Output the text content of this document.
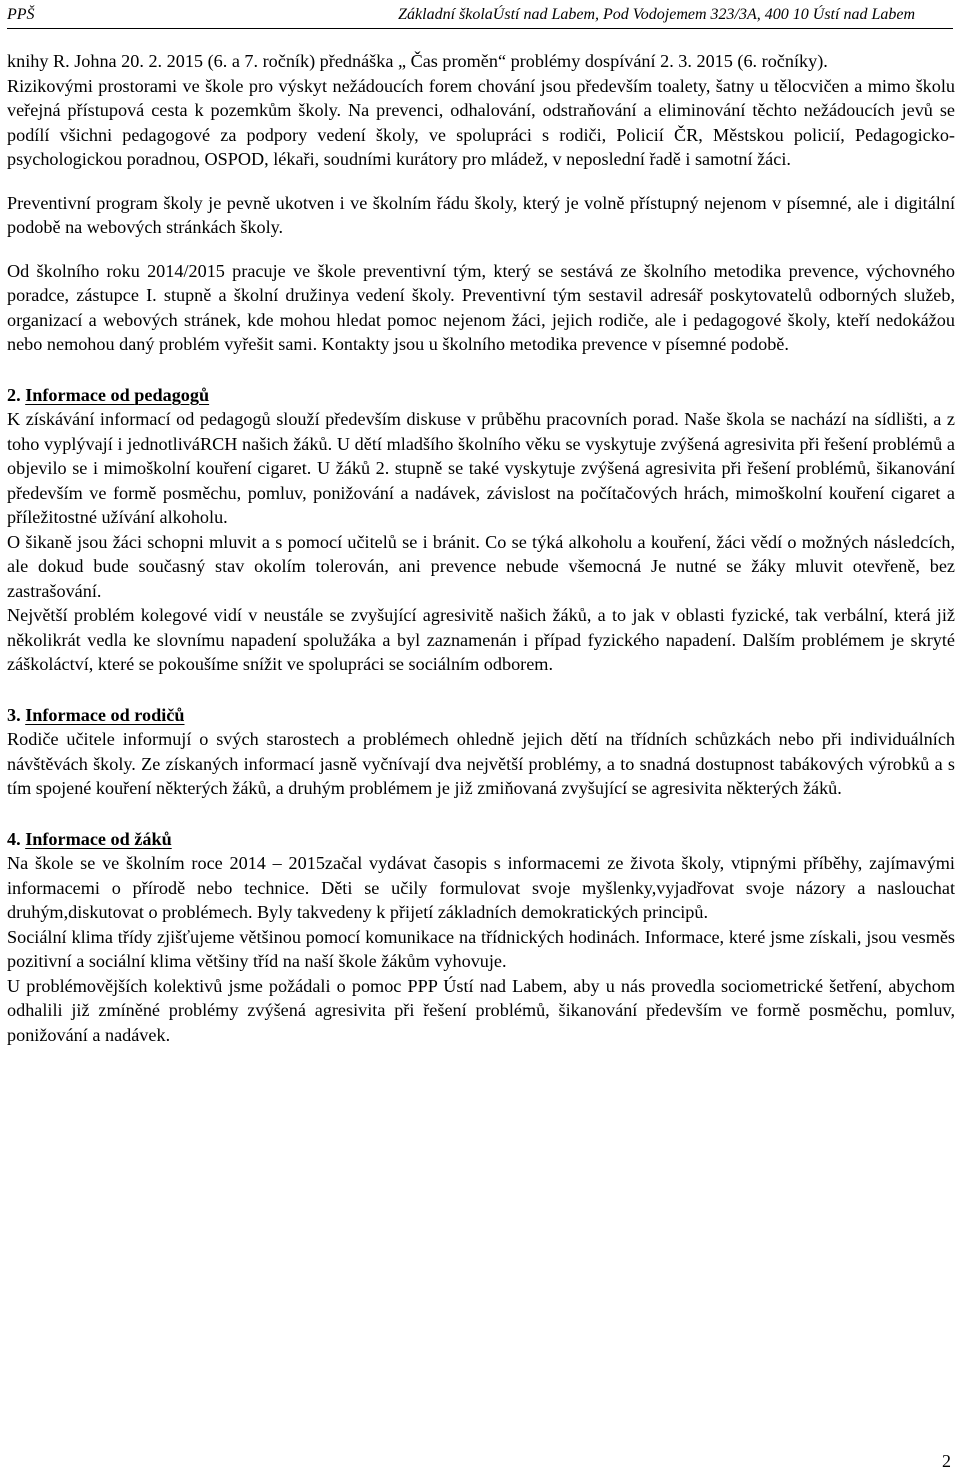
PPŠ	Základní školaÚstí nad Labem, Pod Vodojemem 323/3A, 400 10 Ústí nad Labem

knihy R. Johna 20. 2. 2015 (6. a 7. ročník) přednáška „ Čas proměn“ problémy dospívání 2. 3. 2015 (6. ročníky).

Rizikovými prostorami ve škole pro výskyt nežádoucích forem chování jsou především toalety, šatny u tělocvičen a mimo školu veřejná přístupová cesta k pozemkům školy. Na prevenci, odhalování, odstraňování a eliminování těchto nežádoucích jevů se podílí všichni pedagogové za podpory vedení školy, ve spolupráci s rodiči, Policií ČR, Městskou policií, Pedagogicko-psychologickou poradnou, OSPOD, lékaři, soudními kurátory pro mládež, v neposlední řadě i samotní žáci.

Preventivní program školy je pevně ukotven i ve školním řádu školy, který je volně přístupný nejenom v písemné, ale i digitální podobě na webových stránkách školy.

Od školního roku 2014/2015 pracuje ve škole preventivní tým, který se sestává ze školního metodika prevence, výchovného poradce, zástupce I. stupně a školní družinya vedení školy. Preventivní tým sestavil adresář poskytovatelů odborných služeb, organizací a webových stránek, kde mohou hledat pomoc nejenom žáci, jejich rodiče, ale i pedagogové školy, kteří nedokážou nebo nemohou daný problém vyřešit sami. Kontakty jsou u školního metodika prevence v písemné podobě.

2. Informace od pedagogů

K získávání informací od pedagogů slouží především diskuse v průběhu pracovních porad. Naše škola se nachází na sídlišti, a z toho vyplývají i jednotliváRCH našich žáků. U dětí mladšího školního věku se vyskytuje zvýšená agresivita při řešení problémů a objevilo se i mimoškolní kouření cigaret. U žáků 2. stupně se také vyskytuje zvýšená agresivita při řešení problémů, šikanování především ve formě posměchu, pomluv, ponižování a nadávek, závislost na počítačových hrách, mimoškolní kouření cigaret a příležitostné užívání alkoholu.

O šikaně jsou žáci schopni mluvit a s pomocí učitelů se i bránit. Co se týká alkoholu a kouření, žáci vědí o možných následcích, ale dokud bude současný stav okolím tolerován, ani prevence nebude všemocná Je nutné se žáky mluvit otevřeně, bez zastrašování.

Největší problém kolegové vidí v neustále se zvyšující agresivitě našich žáků, a to jak v oblasti fyzické, tak verbální, která již několikrát vedla ke slovnímu napadení spolužáka a byl zaznamenán i případ fyzického napadení. Dalším problémem je skryté záškoláctví, které se pokoušíme snížit ve spolupráci se sociálním odborem.

3. Informace od rodičů

Rodiče učitele informují o svých starostech a problémech ohledně jejich dětí na třídních schůzkách nebo při individuálních návštěvách školy. Ze získaných informací jasně vyčnívají dva největší problémy, a to snadná dostupnost tabákových výrobků a s tím spojené kouření některých žáků, a druhým problémem je již zmiňovaná zvyšující se agresivita některých žáků.

4. Informace od žáků

Na škole se ve školním roce 2014 – 2015začal vydávat časopis s informacemi ze života školy, vtipnými příběhy, zajímavými informacemi o přírodě nebo technice. Děti se učily formulovat svoje myšlenky,vyjadřovat svoje názory a naslouchat druhým,diskutovat o problémech. Byly takvedeny k přijetí základních demokratických principů.

Sociální klima třídy zjišťujeme většinou pomocí komunikace na třídnických hodinách. Informace, které jsme získali, jsou vesměs pozitivní a sociální klima většiny tříd na naší škole žákům vyhovuje.

U problémovějších kolektivů jsme požádali o pomoc PPP Ústí nad Labem, aby u nás provedla sociometrické šetření, abychom odhalili již zmíněné problémy zvýšená agresivita při řešení problémů, šikanování především ve formě posměchu, pomluv, ponižování a nadávek.

2
